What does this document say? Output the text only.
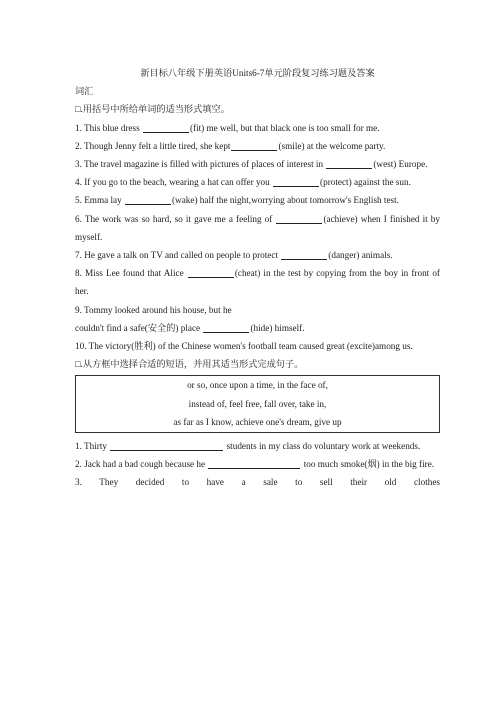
新目标八年级下册英语Units6-7单元阶段复习练习题及答案
词汇
□.用括号中所给单词的适当形式填空。
1. This blue dress	(fit) me well, but that black one is too small for me.
2. Though Jenny felt a little tired, she kept	(smile) at the welcome party.
3. The travel magazine is filled with pictures of places of interest in	(west) Europe.
4. If you go to the beach, wearing a hat can offer you	(protect) against the sun.
5. Emma lay	(wake) half the night,worrying about tomorrow's English test.
6. The work was so hard, so it gave me a feeling of	(achieve) when I finished it by myself.
7. He gave a talk on TV and called on people to protect	(danger) animals.
8. Miss Lee found that Alice	(cheat) in the test by copying from the boy in front of her.
9. Tommy looked around his house, but he
couldn't find a safe(安全的) place	(hide) himself.
10. The victory(胜利) of the Chinese women's football team caused great (excite)among us.
□.从方框中选择合适的短语，并用其适当形式完成句子。
or so, once upon a time, in the face of,
instead of, feel free, fall over, take in,
as far as I know, achieve one's dream, give up
1. Thirty	students in my class do voluntary work at weekends.
2. Jack had a bad cough because he	too much smoke(烟) in the big fire.
3. They decided to have a sale to sell their old clothes
